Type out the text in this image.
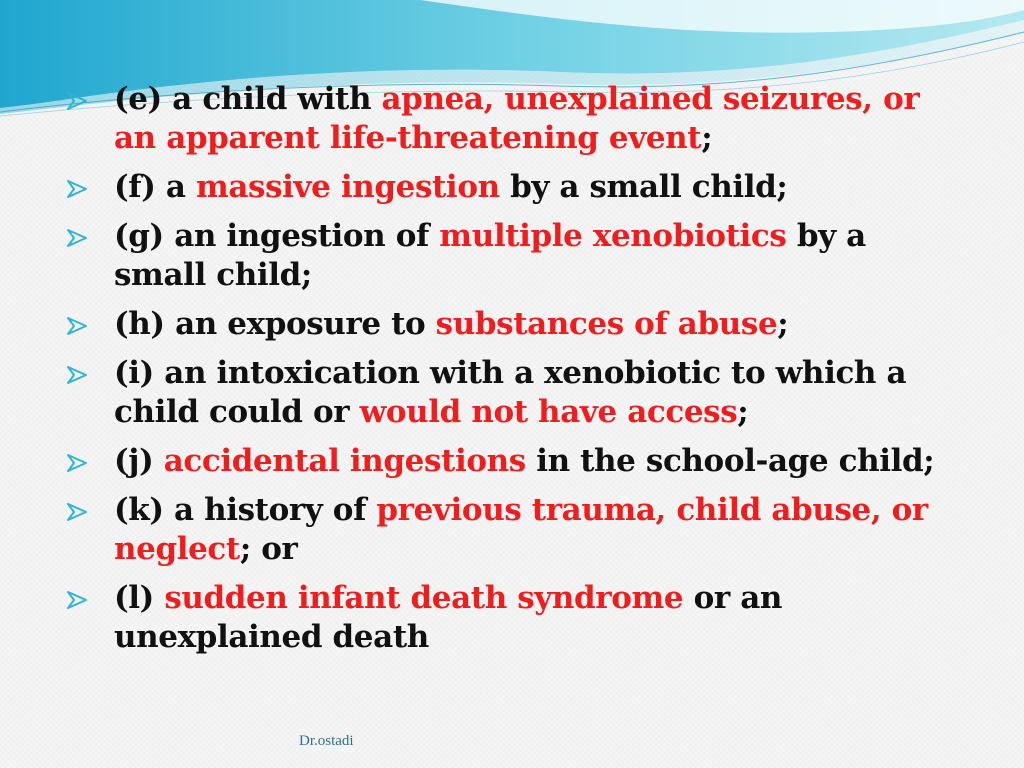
(e) a child with apnea, unexplained seizures, or an apparent life-threatening event;
(f) a massive ingestion by a small child;
(g) an ingestion of multiple xenobiotics by a small child;
(h) an exposure to substances of abuse;
(i) an intoxication with a xenobiotic to which a child could or would not have access;
(j) accidental ingestions in the school-age child;
(k) a history of previous trauma, child abuse, or neglect; or
(l) sudden infant death syndrome or an unexplained death
Dr.ostadi
